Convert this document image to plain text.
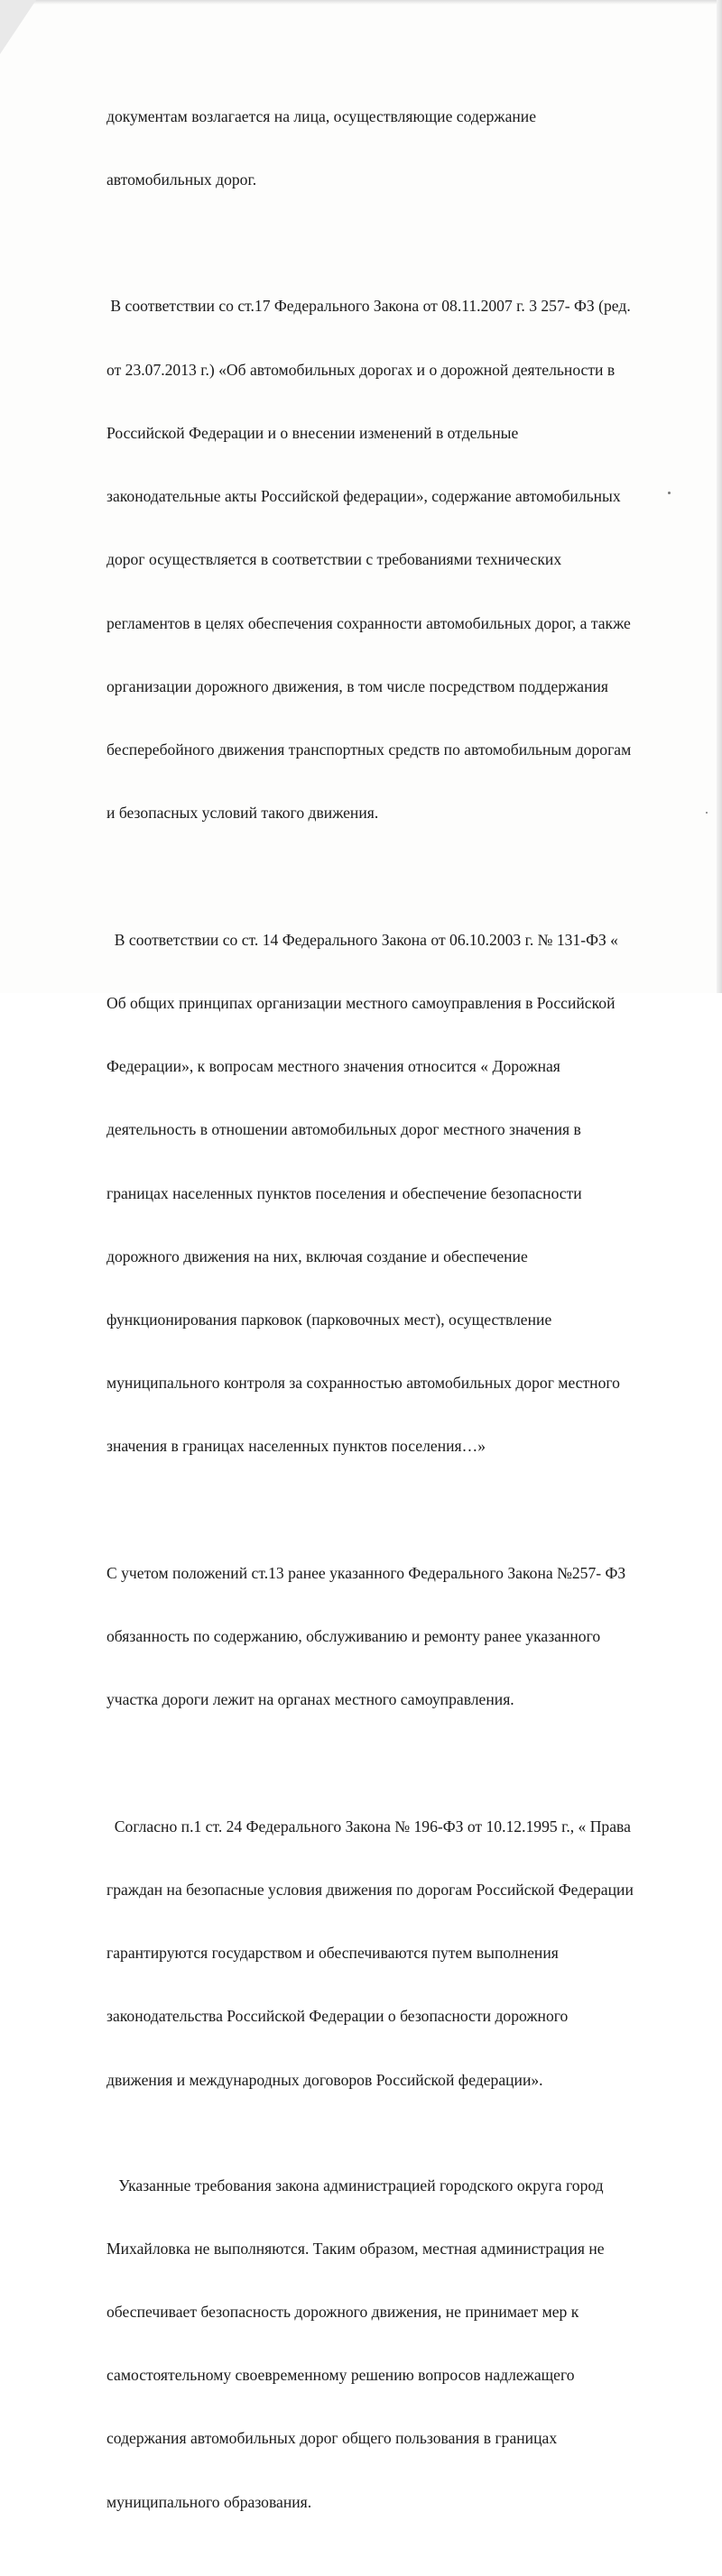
документам возлагается на лица, осуществляющие содержание

автомобильных дорог.

В соответствии со ст.17 Федерального Закона от 08.11.2007 г. 3 257- ФЗ (ред.

от 23.07.2013 г.) «Об автомобильных дорогах и о дорожной деятельности в

Российской Федерации и о внесении изменений в отдельные

законодательные акты Российской федерации», содержание автомобильных

дорог осуществляется в соответствии с требованиями технических

регламентов в целях обеспечения сохранности автомобильных дорог, а также

организации дорожного движения, в том числе посредством поддержания

бесперебойного движения транспортных средств по автомобильным дорогам

и безопасных условий такого движения.

В соответствии со ст. 14 Федерального Закона от 06.10.2003 г. № 131-ФЗ «

Об общих принципах организации местного самоуправления в Российской

Федерации», к вопросам местного значения относится « Дорожная

деятельность в отношении автомобильных дорог местного значения в

границах населенных пунктов поселения и обеспечение безопасности

дорожного движения на них, включая создание и обеспечение

функционирования парковок (парковочных мест), осуществление

муниципального контроля за сохранностью автомобильных дорог местного

значения в границах населенных пунктов поселения…»

С учетом положений ст.13 ранее указанного Федерального Закона №257- ФЗ

обязанность по содержанию, обслуживанию и ремонту ранее указанного

участка дороги лежит на органах местного самоуправления.

Согласно п.1 ст. 24 Федерального Закона № 196-ФЗ от 10.12.1995 г., « Права

граждан на безопасные условия движения по дорогам Российской Федерации

гарантируются государством и обеспечиваются путем выполнения

законодательства Российской Федерации о безопасности дорожного

движения и международных договоров Российской федерации».

Указанные требования закона администрацией городского округа город

Михайловка не выполняются. Таким образом, местная администрация не

обеспечивает безопасность дорожного движения, не принимает мер к

самостоятельному своевременному решению вопросов надлежащего

содержания автомобильных дорог общего пользования в границах

муниципального образования.
